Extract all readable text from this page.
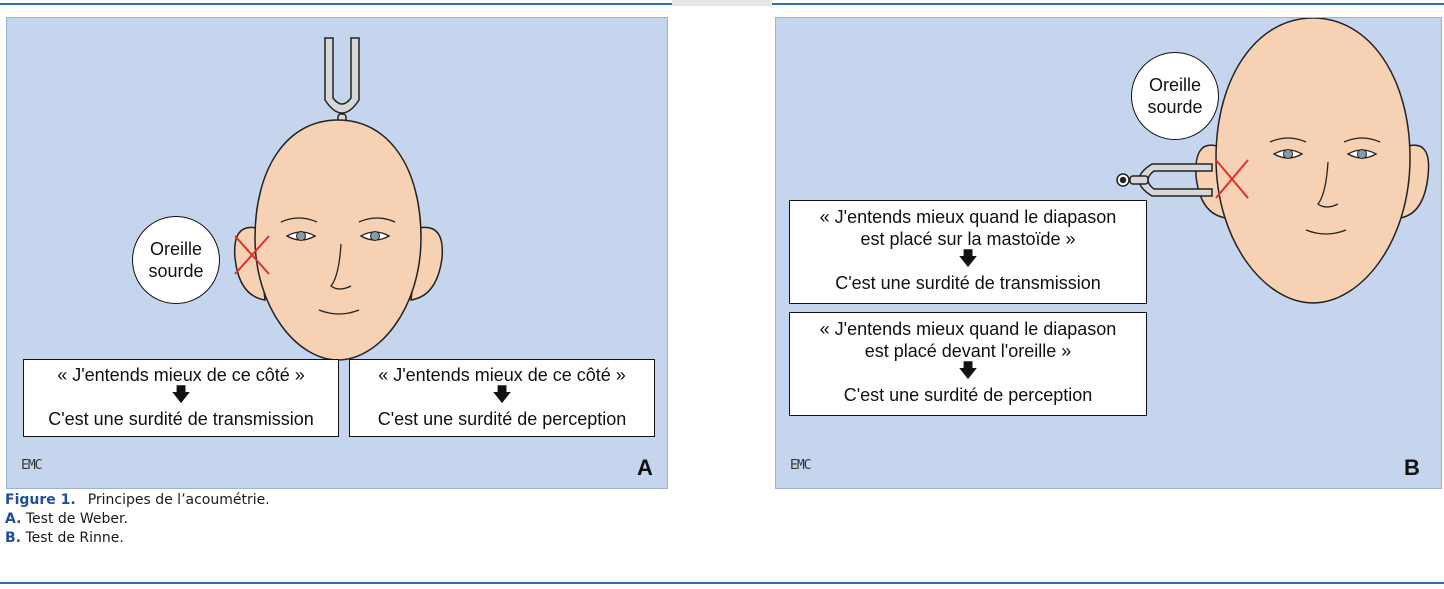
Oreille
sourde
« J'entends mieux de ce côté »
🡇
C'est une surdité de transmission
« J'entends mieux de ce côté »
🡇
C'est une surdité de perception
EMC	A
Oreille
sourde
« J'entends mieux quand le diapason
est placé sur la mastoïde »
🡇
C'est une surdité de transmission
« J'entends mieux quand le diapason
est placé devant l'oreille »
🡇
C'est une surdité de perception
EMC	B
Figure 1. Principes de l’acoumétrie.
A. Test de Weber.
B. Test de Rinne.
